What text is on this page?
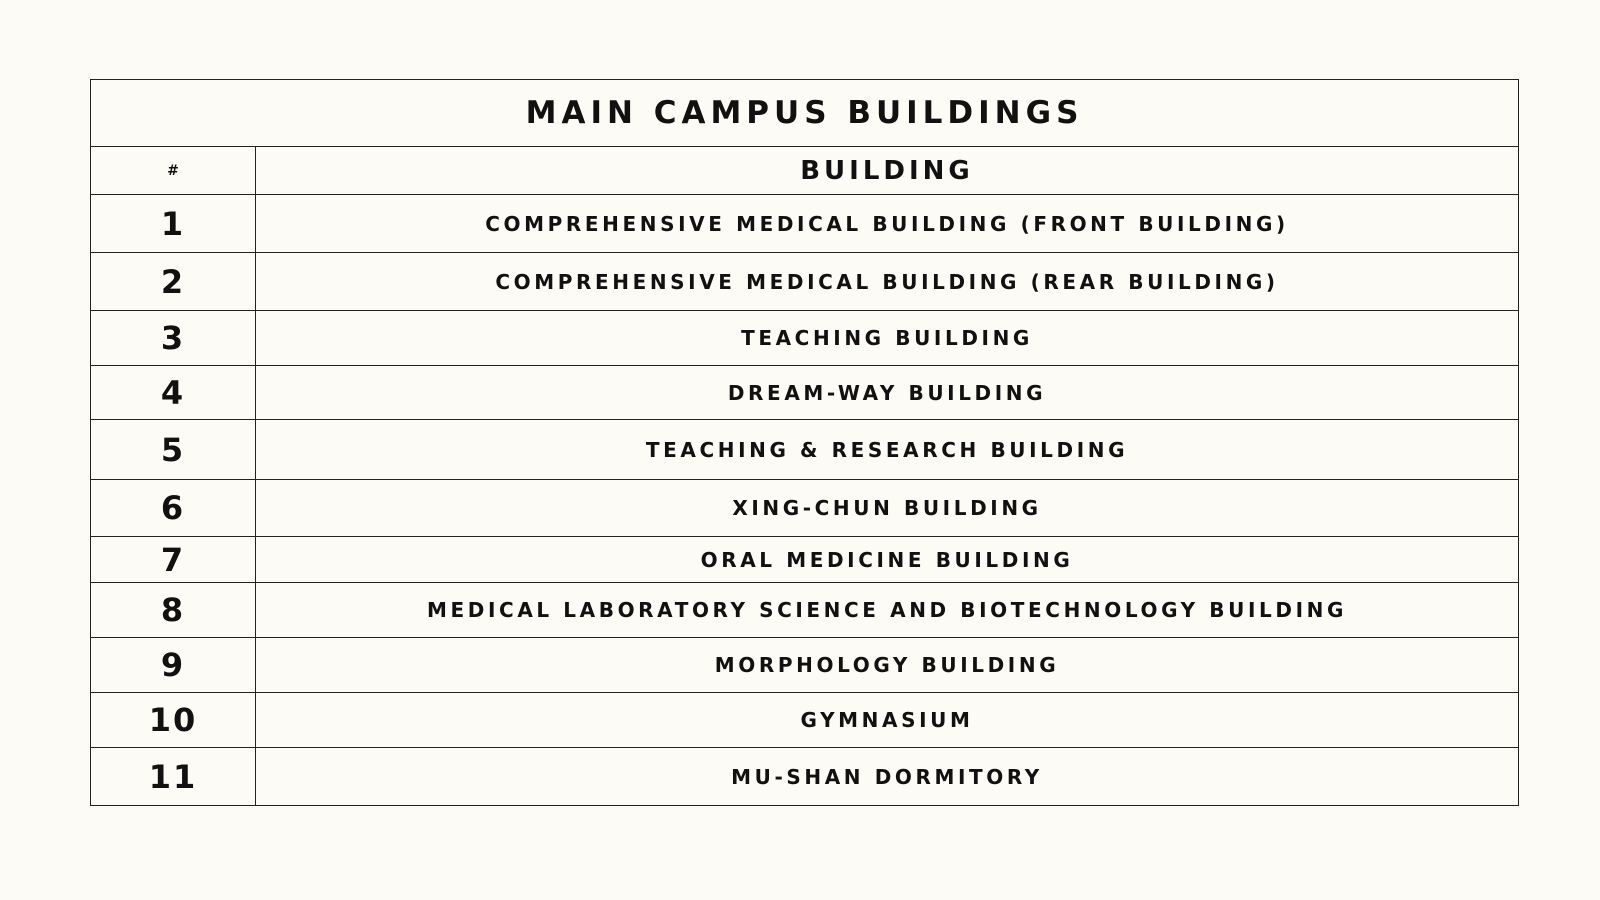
MAIN CAMPUS BUILDINGS	
#	BUILDING
1	COMPREHENSIVE MEDICAL BUILDING (FRONT BUILDING)
2	COMPREHENSIVE MEDICAL BUILDING (REAR BUILDING)
3	TEACHING BUILDING
4	DREAM-WAY BUILDING
5	TEACHING & RESEARCH BUILDING
6	XING-CHUN BUILDING
7	ORAL MEDICINE BUILDING
8	MEDICAL LABORATORY SCIENCE AND BIOTECHNOLOGY BUILDING
9	MORPHOLOGY BUILDING
10	GYMNASIUM
11	MU-SHAN DORMITORY
